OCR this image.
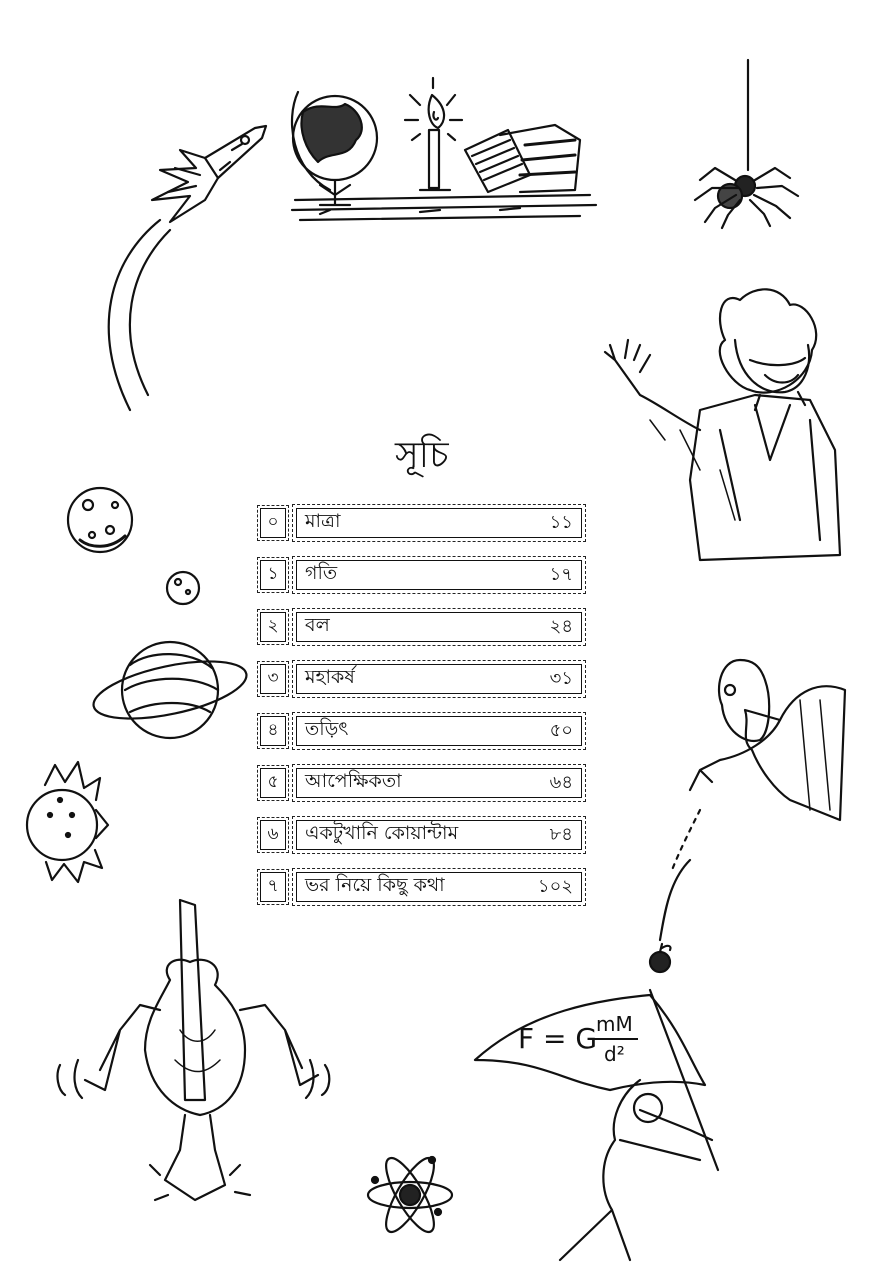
F = G
mM
d²
সূচি
০	মাত্রা	১১
১	গতি	১৭
২	বল	২৪
৩	মহাকর্ষ	৩১
৪	তড়িৎ	৫০
৫	আপেক্ষিকতা	৬৪
৬	একটুখানি কোয়ান্টাম	৮৪
৭	ভর নিয়ে কিছু কথা	১০২
